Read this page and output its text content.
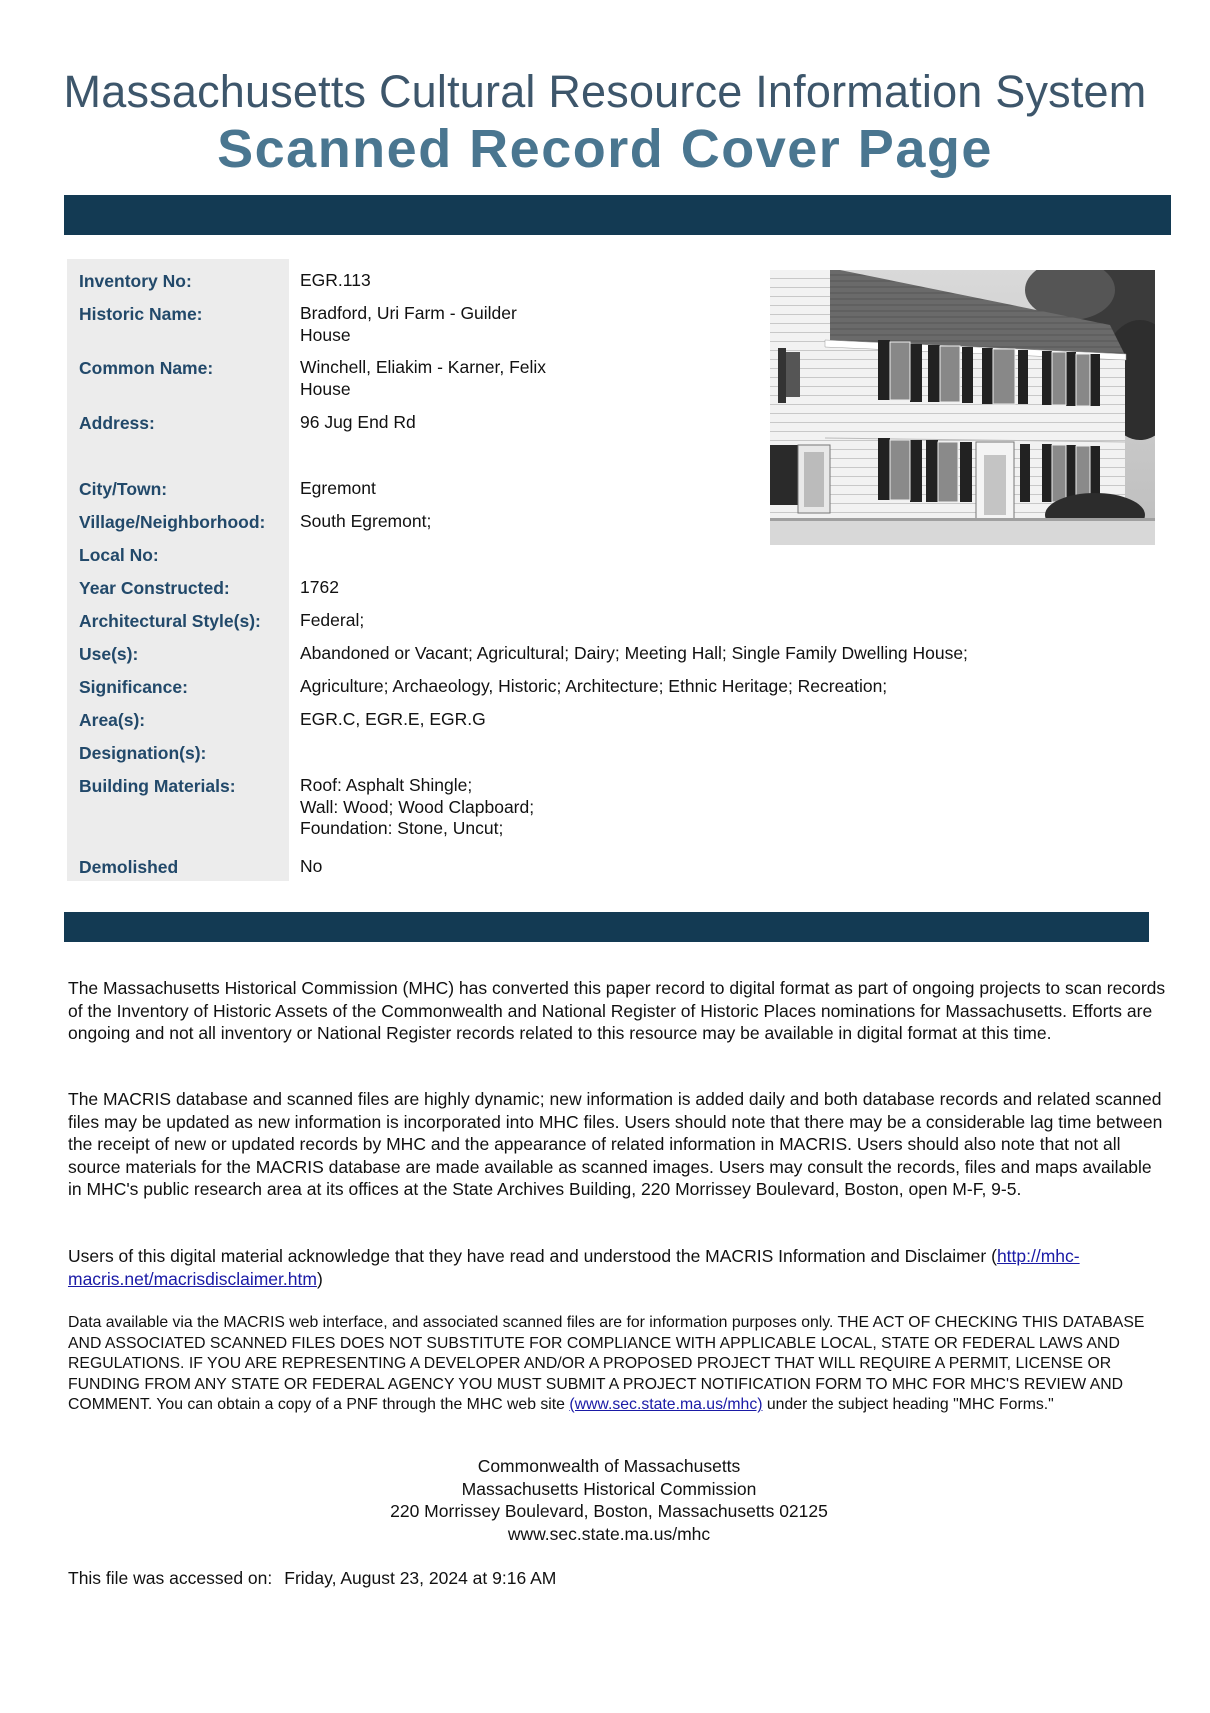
Massachusetts Cultural Resource Information System
Scanned Record Cover Page
Inventory No:	EGR.113
Historic Name:	Bradford, Uri Farm - Guilder
House
Common Name:	Winchell, Eliakim - Karner, Felix
House
Address:	96 Jug End Rd
City/Town:	Egremont
Village/Neighborhood: South Egremont;
Local No:
Year Constructed:	1762
Architectural Style(s): Federal;
Use(s):	Abandoned or Vacant; Agricultural; Dairy; Meeting Hall; Single Family Dwelling House;
Significance:	Agriculture; Archaeology, Historic; Architecture; Ethnic Heritage; Recreation;
Area(s):	EGR.C, EGR.E, EGR.G
Designation(s):
Building Materials:	Roof: Asphalt Shingle;
Wall: Wood; Wood Clapboard;
Foundation: Stone, Uncut;
Demolished	No
The Massachusetts Historical Commission (MHC) has converted this paper record to digital format as part of ongoing projects to scan records of the Inventory of Historic Assets of the Commonwealth and National Register of Historic Places nominations for Massachusetts. Efforts are ongoing and not all inventory or National Register records related to this resource may be available in digital format at this time.
The MACRIS database and scanned files are highly dynamic; new information is added daily and both database records and related scanned files may be updated as new information is incorporated into MHC files. Users should note that there may be a considerable lag time between the receipt of new or updated records by MHC and the appearance of related information in MACRIS. Users should also note that not all source materials for the MACRIS database are made available as scanned images. Users may consult the records, files and maps available in MHC's public research area at its offices at the State Archives Building, 220 Morrissey Boulevard, Boston, open M-F, 9-5.
Users of this digital material acknowledge that they have read and understood the MACRIS Information and Disclaimer (http://mhc-macris.net/macrisdisclaimer.htm)
Data available via the MACRIS web interface, and associated scanned files are for information purposes only. THE ACT OF CHECKING THIS DATABASE AND ASSOCIATED SCANNED FILES DOES NOT SUBSTITUTE FOR COMPLIANCE WITH APPLICABLE LOCAL, STATE OR FEDERAL LAWS AND REGULATIONS. IF YOU ARE REPRESENTING A DEVELOPER AND/OR A PROPOSED PROJECT THAT WILL REQUIRE A PERMIT, LICENSE OR FUNDING FROM ANY STATE OR FEDERAL AGENCY YOU MUST SUBMIT A PROJECT NOTIFICATION FORM TO MHC FOR MHC'S REVIEW AND COMMENT. You can obtain a copy of a PNF through the MHC web site (www.sec.state.ma.us/mhc) under the subject heading "MHC Forms."
Commonwealth of Massachusetts
Massachusetts Historical Commission
220 Morrissey Boulevard, Boston, Massachusetts 02125
www.sec.state.ma.us/mhc
This file was accessed on: Friday, August 23, 2024 at 9:16 AM
